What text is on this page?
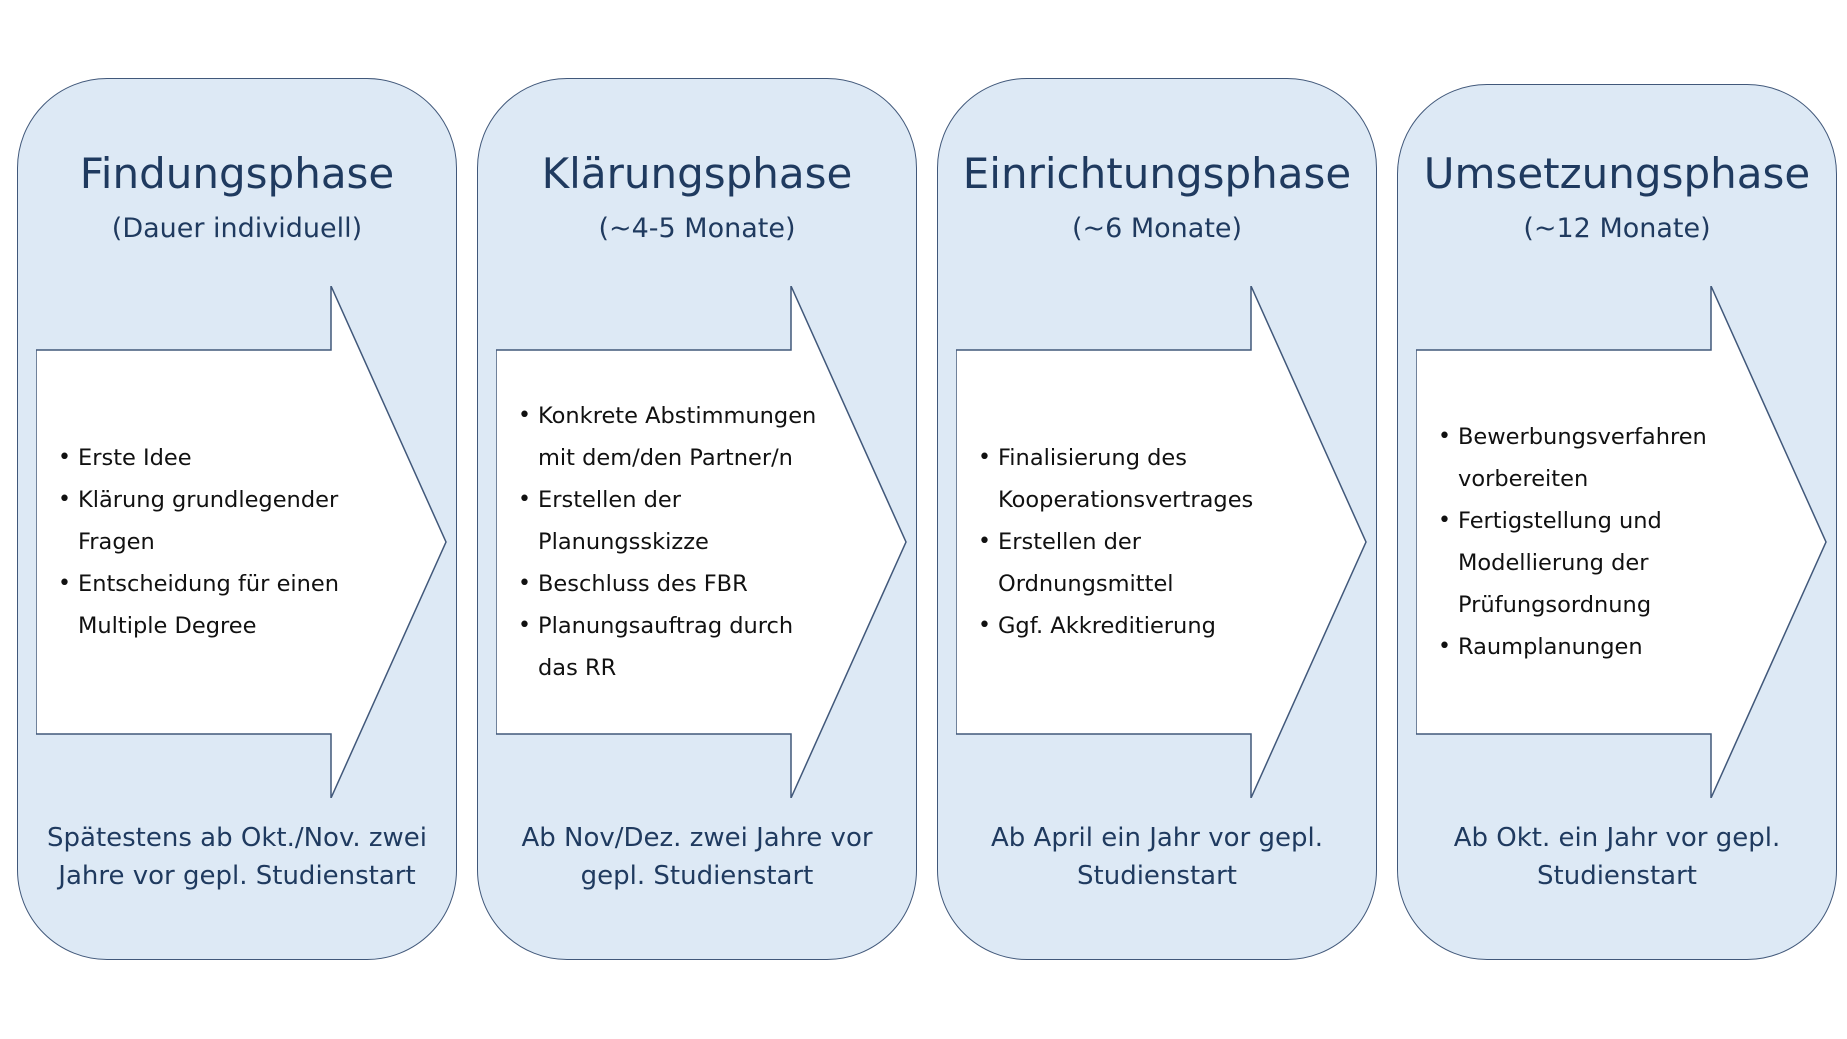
Findungsphase
(Dauer individuell)
• Erste Idee
• Klärung grundlegender Fragen
• Entscheidung für einen Multiple Degree
Spätestens ab Okt./Nov. zwei Jahre vor gepl. Studienstart
Klärungsphase
(~4-5 Monate)
• Konkrete Abstimmungen mit dem/den Partner/n
• Erstellen der Planungsskizze
• Beschluss des FBR
• Planungsauftrag durch das RR
Ab Nov/Dez. zwei Jahre vor gepl. Studienstart
Einrichtungsphase
(~6 Monate)
• Finalisierung des Kooperationsvertrages
• Erstellen der Ordnungsmittel
• Ggf. Akkreditierung
Ab April ein Jahr vor gepl. Studienstart
Umsetzungsphase
(~12 Monate)
• Bewerbungsverfahren vorbereiten
• Fertigstellung und Modellierung der Prüfungsordnung
• Raumplanungen
Ab Okt. ein Jahr vor gepl. Studienstart
